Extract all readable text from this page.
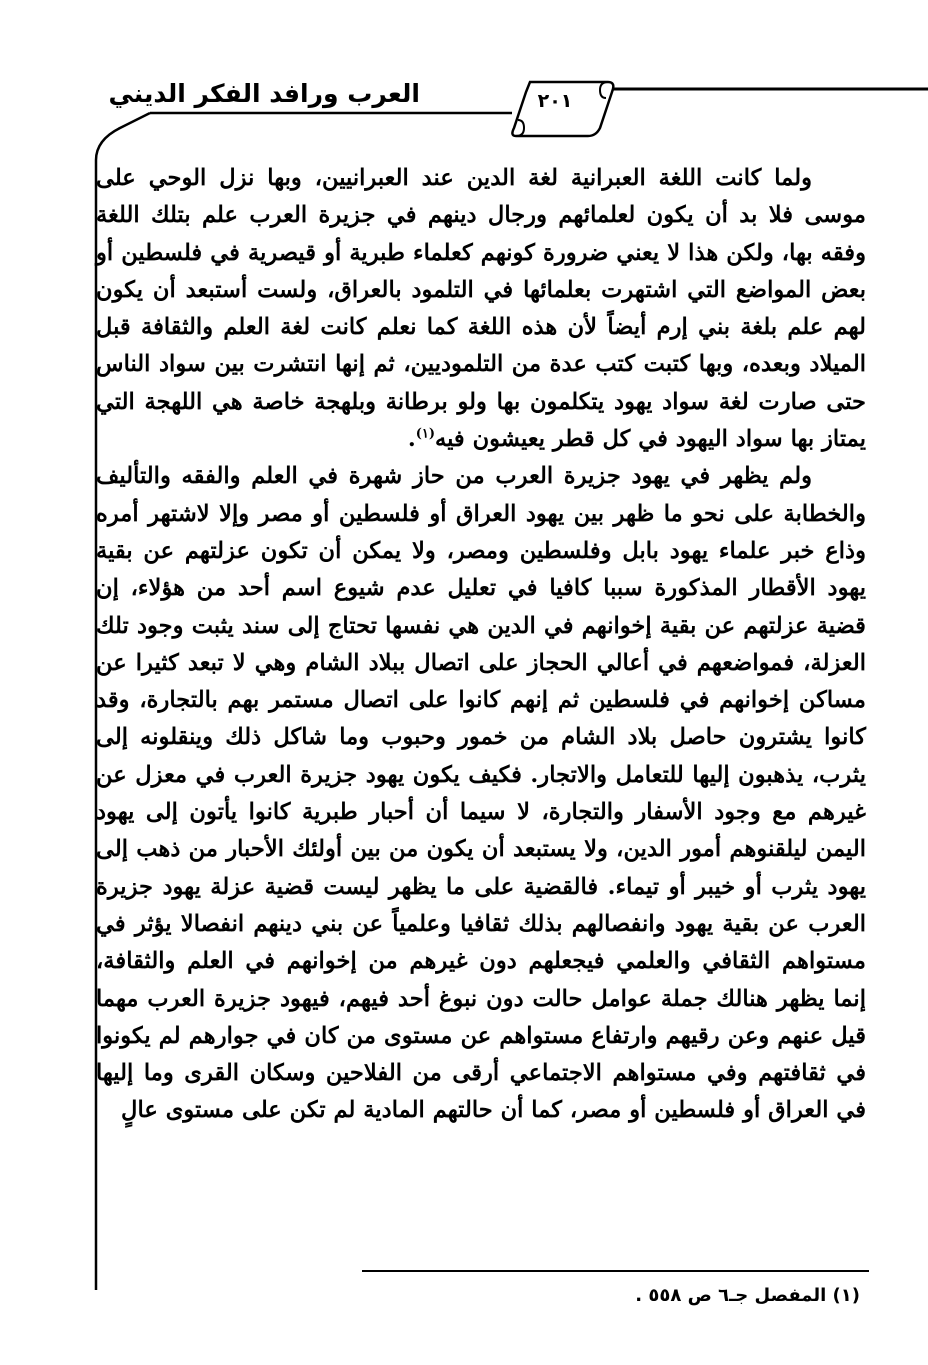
٢٠١
العرب ورافد الفكر الديني

ولما كانت اللغة العبرانية لغة الدين عند العبرانيين، وبها نزل الوحي على موسى فلا بد أن يكون لعلمائهم ورجال دينهم في جزيرة العرب علم بتلك اللغة وفقه بها، ولكن هذا لا يعني ضرورة كونهم كعلماء طبرية أو قيصرية في فلسطين أو بعض المواضع التي اشتهرت بعلمائها في التلمود بالعراق، ولست أستبعد أن يكون لهم علم بلغة بني إرم أيضاً لأن هذه اللغة كما نعلم كانت لغة العلم والثقافة قبل الميلاد وبعده، وبها كتبت كتب عدة من التلموديين، ثم إنها انتشرت بين سواد الناس حتى صارت لغة سواد يهود يتكلمون بها ولو برطانة وبلهجة خاصة هي اللهجة التي يمتاز بها سواد اليهود في كل قطر يعيشون فيه$^{(١)}$.

ولم يظهر في يهود جزيرة العرب من حاز شهرة في العلم والفقه والتأليف والخطابة على نحو ما ظهر بين يهود العراق أو فلسطين أو مصر وإلا لاشتهر أمره وذاع خبر علماء يهود بابل وفلسطين ومصر، ولا يمكن أن تكون عزلتهم عن بقية يهود الأقطار المذكورة سببا كافيا في تعليل عدم شيوع اسم أحد من هؤلاء، إن قضية عزلتهم عن بقية إخوانهم في الدين هي نفسها تحتاج إلى سند يثبت وجود تلك العزلة، فمواضعهم في أعالي الحجاز على اتصال ببلاد الشام وهي لا تبعد كثيرا عن مساكن إخوانهم في فلسطين ثم إنهم كانوا على اتصال مستمر بهم بالتجارة، وقد كانوا يشترون حاصل بلاد الشام من خمور وحبوب وما شاكل ذلك وينقلونه إلى يثرب، يذهبون إليها للتعامل والاتجار. فكيف يكون يهود جزيرة العرب في معزل عن غيرهم مع وجود الأسفار والتجارة، لا سيما أن أحبار طبرية كانوا يأتون إلى يهود اليمن ليلقنوهم أمور الدين، ولا يستبعد أن يكون من بين أولئك الأحبار من ذهب إلى يهود يثرب أو خيبر أو تيماء. فالقضية على ما يظهر ليست قضية عزلة يهود جزيرة العرب عن بقية يهود وانفصالهم بذلك ثقافيا وعلمياً عن بني دينهم انفصالا يؤثر في مستواهم الثقافي والعلمي فيجعلهم دون غيرهم من إخوانهم في العلم والثقافة، إنما يظهر هنالك جملة عوامل حالت دون نبوغ أحد فيهم، فيهود جزيرة العرب مهما قيل عنهم وعن رقيهم وارتفاع مستواهم عن مستوى من كان في جوارهم لم يكونوا في ثقافتهم وفي مستواهم الاجتماعي أرقى من الفلاحين وسكان القرى وما إليها في العراق أو فلسطين أو مصر، كما أن حالتهم المادية لم تكن على مستوى عالٍ

(١) المفصل جـ٦ ص ٥٥٨ .
